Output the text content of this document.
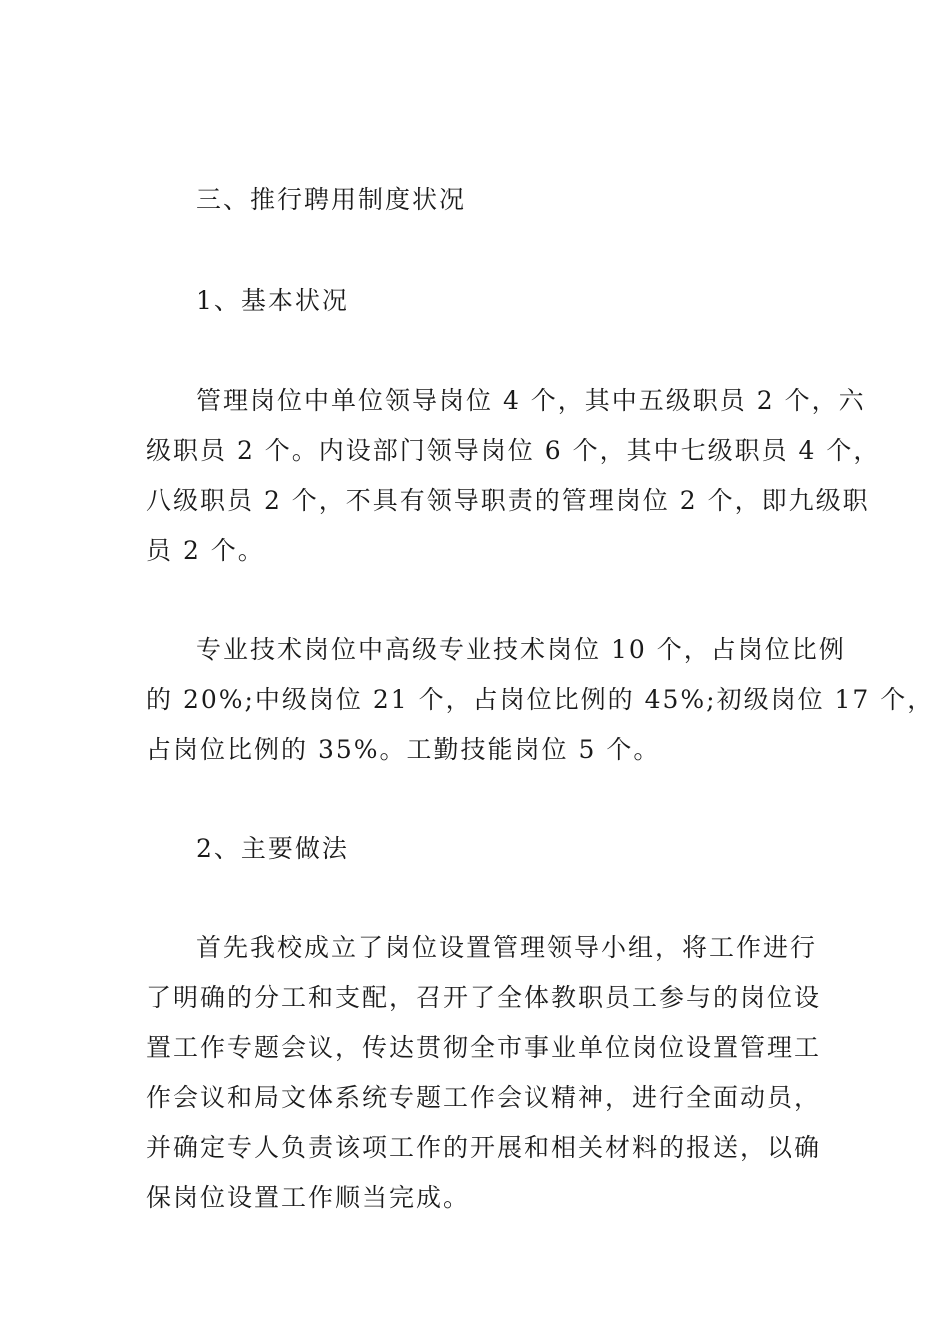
三、推行聘用制度状况
1、基本状况
管理岗位中单位领导岗位 4 个，其中五级职员 2 个，六
级职员 2 个。内设部门领导岗位 6 个，其中七级职员 4 个，
八级职员 2 个，不具有领导职责的管理岗位 2 个，即九级职
员 2 个。
专业技术岗位中高级专业技术岗位 10 个，占岗位比例
的 20%;中级岗位 21 个，占岗位比例的 45%;初级岗位 17 个，
占岗位比例的 35%。工勤技能岗位 5 个。
2、主要做法
首先我校成立了岗位设置管理领导小组，将工作进行
了明确的分工和支配，召开了全体教职员工参与的岗位设
置工作专题会议，传达贯彻全市事业单位岗位设置管理工
作会议和局文体系统专题工作会议精神，进行全面动员，
并确定专人负责该项工作的开展和相关材料的报送，以确
保岗位设置工作顺当完成。
